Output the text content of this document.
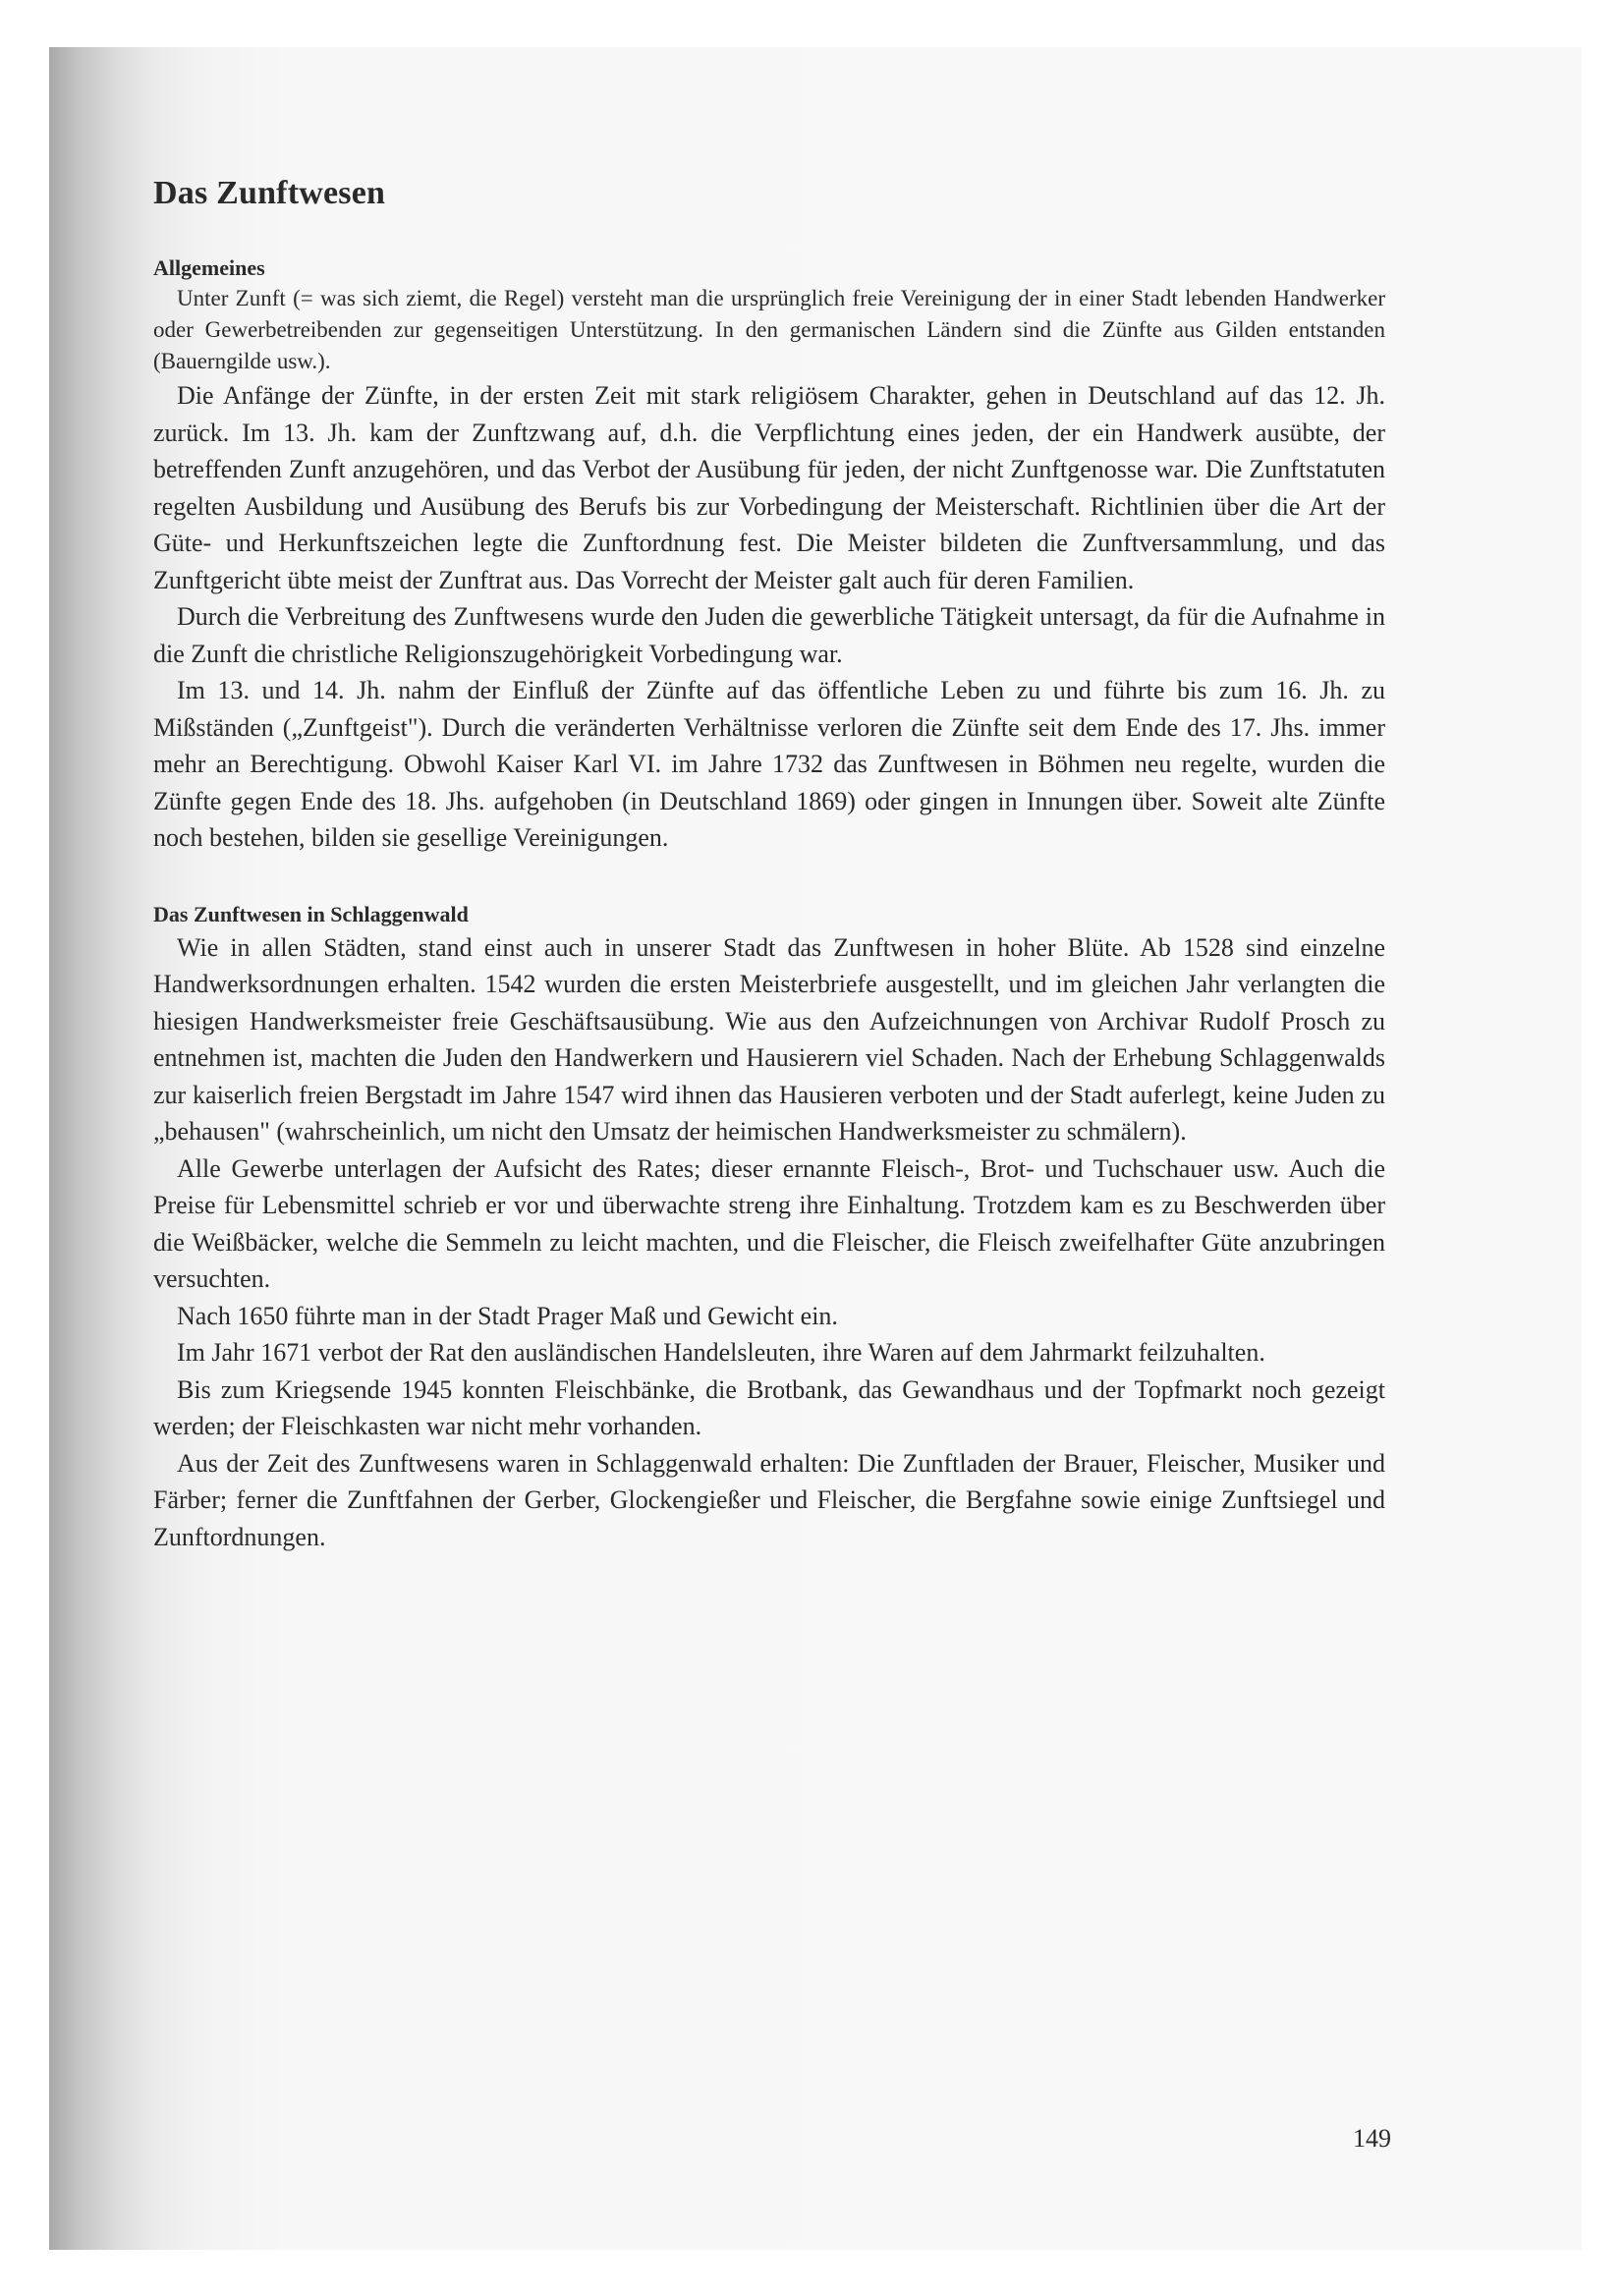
Das Zunftwesen
Allgemeines

Unter Zunft (= was sich ziemt, die Regel) versteht man die ursprünglich freie Vereinigung der in einer Stadt lebenden Handwerker oder Gewerbetreibenden zur gegenseitigen Unterstützung. In den germanischen Ländern sind die Zünfte aus Gilden entstanden (Bauerngilde usw.).

Die Anfänge der Zünfte, in der ersten Zeit mit stark religiösem Charakter, gehen in Deutschland auf das 12. Jh. zurück. Im 13. Jh. kam der Zunftzwang auf, d.h. die Verpflichtung eines jeden, der ein Handwerk ausübte, der betreffenden Zunft anzugehören, und das Verbot der Ausübung für jeden, der nicht Zunftgenosse war. Die Zunftstatuten regelten Ausbildung und Ausübung des Berufs bis zur Vorbedingung der Meisterschaft. Richtlinien über die Art der Güte- und Herkunftszeichen legte die Zunftordnung fest. Die Meister bildeten die Zunftversammlung, und das Zunftgericht übte meist der Zunftrat aus. Das Vorrecht der Meister galt auch für deren Familien.

Durch die Verbreitung des Zunftwesens wurde den Juden die gewerbliche Tätigkeit untersagt, da für die Aufnahme in die Zunft die christliche Religionszugehörigkeit Vorbedingung war.

Im 13. und 14. Jh. nahm der Einfluß der Zünfte auf das öffentliche Leben zu und führte bis zum 16. Jh. zu Mißständen („Zunftgeist"). Durch die veränderten Verhältnisse verloren die Zünfte seit dem Ende des 17. Jhs. immer mehr an Berechtigung. Obwohl Kaiser Karl VI. im Jahre 1732 das Zunftwesen in Böhmen neu regelte, wurden die Zünfte gegen Ende des 18. Jhs. aufgehoben (in Deutschland 1869) oder gingen in Innungen über. Soweit alte Zünfte noch bestehen, bilden sie gesellige Vereinigungen.

Das Zunftwesen in Schlaggenwald

Wie in allen Städten, stand einst auch in unserer Stadt das Zunftwesen in hoher Blüte. Ab 1528 sind einzelne Handwerksordnungen erhalten. 1542 wurden die ersten Meisterbriefe ausgestellt, und im gleichen Jahr verlangten die hiesigen Handwerksmeister freie Geschäftsausübung. Wie aus den Aufzeichnungen von Archivar Rudolf Prosch zu entnehmen ist, machten die Juden den Handwerkern und Hausierern viel Schaden. Nach der Erhebung Schlaggenwalds zur kaiserlich freien Bergstadt im Jahre 1547 wird ihnen das Hausieren verboten und der Stadt auferlegt, keine Juden zu „behausen" (wahrscheinlich, um nicht den Umsatz der heimischen Handwerksmeister zu schmälern).

Alle Gewerbe unterlagen der Aufsicht des Rates; dieser ernannte Fleisch-, Brot- und Tuchschauer usw. Auch die Preise für Lebensmittel schrieb er vor und überwachte streng ihre Einhaltung. Trotzdem kam es zu Beschwerden über die Weißbäcker, welche die Semmeln zu leicht machten, und die Fleischer, die Fleisch zweifelhafter Güte anzubringen versuchten.

Nach 1650 führte man in der Stadt Prager Maß und Gewicht ein.

Im Jahr 1671 verbot der Rat den ausländischen Handelsleuten, ihre Waren auf dem Jahrmarkt feilzuhalten.

Bis zum Kriegsende 1945 konnten Fleischbänke, die Brotbank, das Gewandhaus und der Topfmarkt noch gezeigt werden; der Fleischkasten war nicht mehr vorhanden.

Aus der Zeit des Zunftwesens waren in Schlaggenwald erhalten: Die Zunftladen der Brauer, Fleischer, Musiker und Färber; ferner die Zunftfahnen der Gerber, Glockengießer und Fleischer, die Bergfahne sowie einige Zunftsiegel und Zunftordnungen.

149
